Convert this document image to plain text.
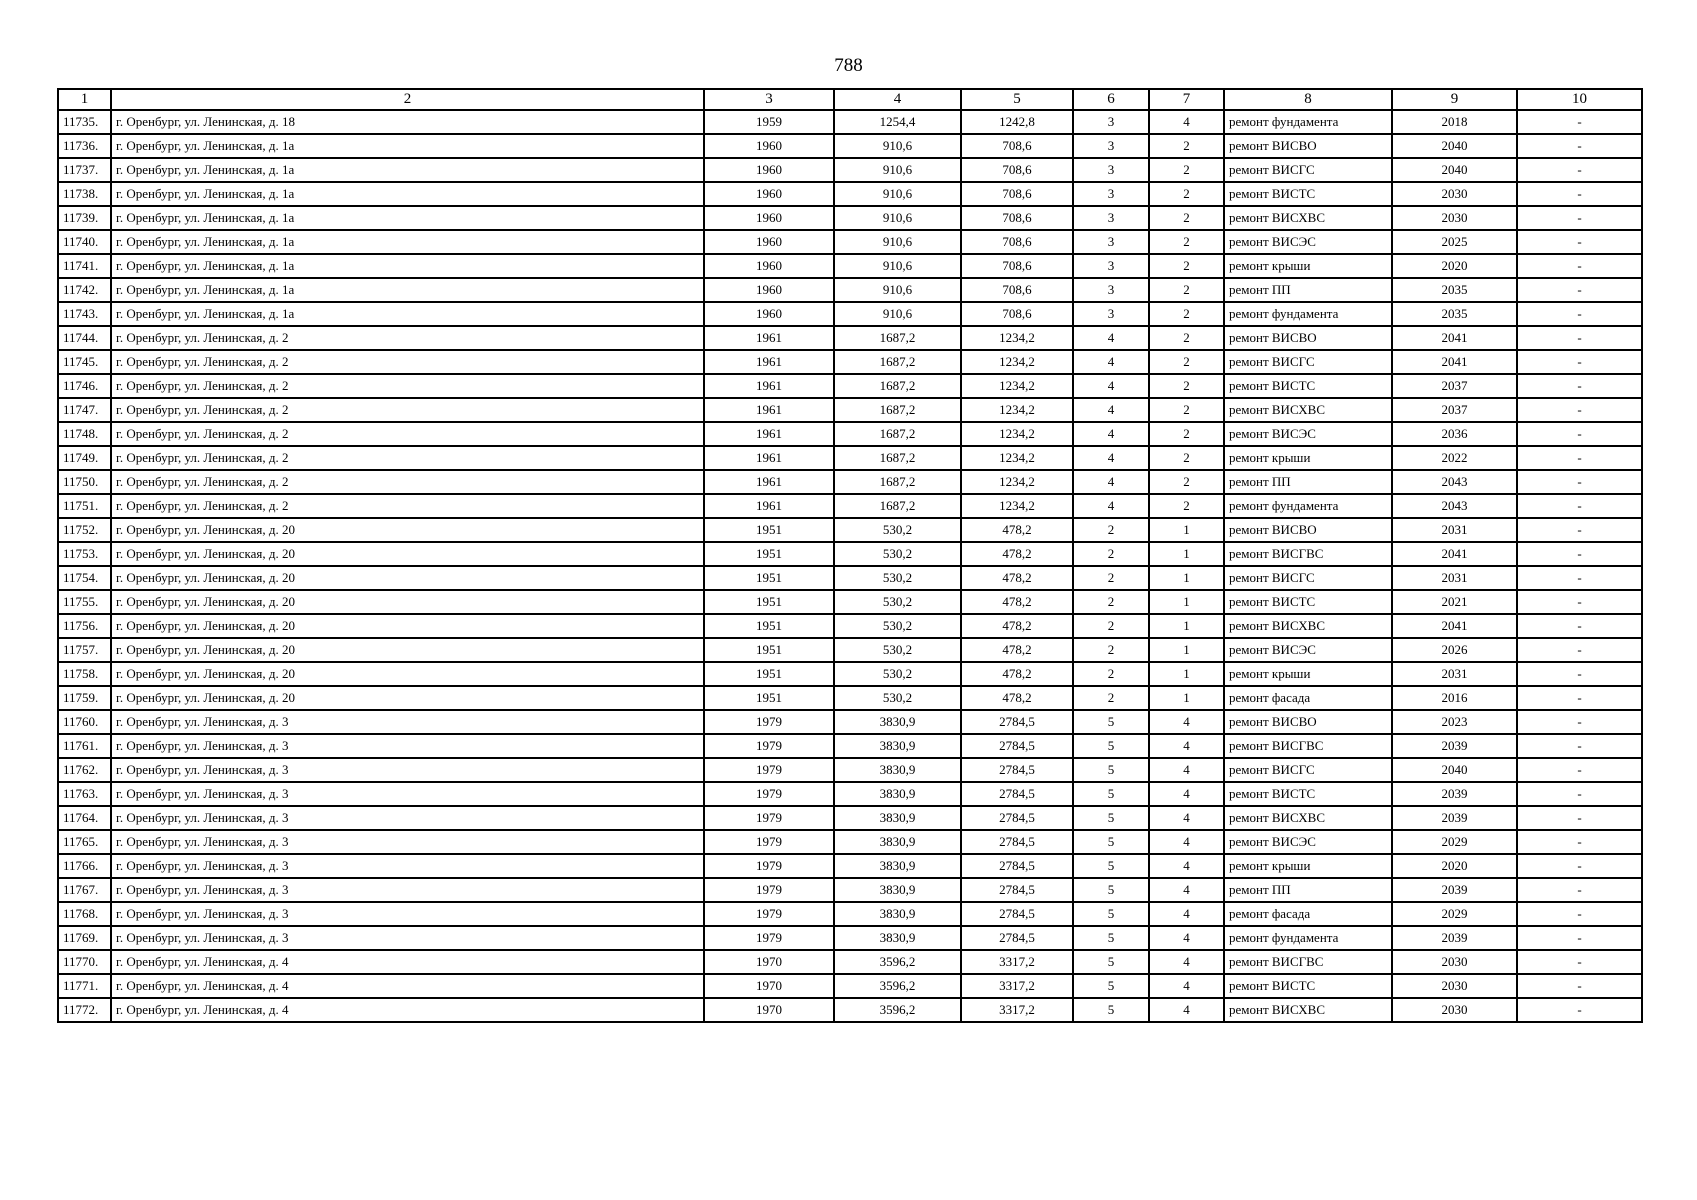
788
1	2	3	4	5	6	7	8	9	10
11735.	г. Оренбург, ул. Ленинская, д. 18	1959	1254,4	1242,8	3	4	ремонт фундамента	2018	-
11736.	г. Оренбург, ул. Ленинская, д. 1а	1960	910,6	708,6	3	2	ремонт ВИСВО	2040	-
11737.	г. Оренбург, ул. Ленинская, д. 1а	1960	910,6	708,6	3	2	ремонт ВИСГС	2040	-
11738.	г. Оренбург, ул. Ленинская, д. 1а	1960	910,6	708,6	3	2	ремонт ВИСТС	2030	-
11739.	г. Оренбург, ул. Ленинская, д. 1а	1960	910,6	708,6	3	2	ремонт ВИСХВС	2030	-
11740.	г. Оренбург, ул. Ленинская, д. 1а	1960	910,6	708,6	3	2	ремонт ВИСЭС	2025	-
11741.	г. Оренбург, ул. Ленинская, д. 1а	1960	910,6	708,6	3	2	ремонт крыши	2020	-
11742.	г. Оренбург, ул. Ленинская, д. 1а	1960	910,6	708,6	3	2	ремонт ПП	2035	-
11743.	г. Оренбург, ул. Ленинская, д. 1а	1960	910,6	708,6	3	2	ремонт фундамента	2035	-
11744.	г. Оренбург, ул. Ленинская, д. 2	1961	1687,2	1234,2	4	2	ремонт ВИСВО	2041	-
11745.	г. Оренбург, ул. Ленинская, д. 2	1961	1687,2	1234,2	4	2	ремонт ВИСГС	2041	-
11746.	г. Оренбург, ул. Ленинская, д. 2	1961	1687,2	1234,2	4	2	ремонт ВИСТС	2037	-
11747.	г. Оренбург, ул. Ленинская, д. 2	1961	1687,2	1234,2	4	2	ремонт ВИСХВС	2037	-
11748.	г. Оренбург, ул. Ленинская, д. 2	1961	1687,2	1234,2	4	2	ремонт ВИСЭС	2036	-
11749.	г. Оренбург, ул. Ленинская, д. 2	1961	1687,2	1234,2	4	2	ремонт крыши	2022	-
11750.	г. Оренбург, ул. Ленинская, д. 2	1961	1687,2	1234,2	4	2	ремонт ПП	2043	-
11751.	г. Оренбург, ул. Ленинская, д. 2	1961	1687,2	1234,2	4	2	ремонт фундамента	2043	-
11752.	г. Оренбург, ул. Ленинская, д. 20	1951	530,2	478,2	2	1	ремонт ВИСВО	2031	-
11753.	г. Оренбург, ул. Ленинская, д. 20	1951	530,2	478,2	2	1	ремонт ВИСГВС	2041	-
11754.	г. Оренбург, ул. Ленинская, д. 20	1951	530,2	478,2	2	1	ремонт ВИСГС	2031	-
11755.	г. Оренбург, ул. Ленинская, д. 20	1951	530,2	478,2	2	1	ремонт ВИСТС	2021	-
11756.	г. Оренбург, ул. Ленинская, д. 20	1951	530,2	478,2	2	1	ремонт ВИСХВС	2041	-
11757.	г. Оренбург, ул. Ленинская, д. 20	1951	530,2	478,2	2	1	ремонт ВИСЭС	2026	-
11758.	г. Оренбург, ул. Ленинская, д. 20	1951	530,2	478,2	2	1	ремонт крыши	2031	-
11759.	г. Оренбург, ул. Ленинская, д. 20	1951	530,2	478,2	2	1	ремонт фасада	2016	-
11760.	г. Оренбург, ул. Ленинская, д. 3	1979	3830,9	2784,5	5	4	ремонт ВИСВО	2023	-
11761.	г. Оренбург, ул. Ленинская, д. 3	1979	3830,9	2784,5	5	4	ремонт ВИСГВС	2039	-
11762.	г. Оренбург, ул. Ленинская, д. 3	1979	3830,9	2784,5	5	4	ремонт ВИСГС	2040	-
11763.	г. Оренбург, ул. Ленинская, д. 3	1979	3830,9	2784,5	5	4	ремонт ВИСТС	2039	-
11764.	г. Оренбург, ул. Ленинская, д. 3	1979	3830,9	2784,5	5	4	ремонт ВИСХВС	2039	-
11765.	г. Оренбург, ул. Ленинская, д. 3	1979	3830,9	2784,5	5	4	ремонт ВИСЭС	2029	-
11766.	г. Оренбург, ул. Ленинская, д. 3	1979	3830,9	2784,5	5	4	ремонт крыши	2020	-
11767.	г. Оренбург, ул. Ленинская, д. 3	1979	3830,9	2784,5	5	4	ремонт ПП	2039	-
11768.	г. Оренбург, ул. Ленинская, д. 3	1979	3830,9	2784,5	5	4	ремонт фасада	2029	-
11769.	г. Оренбург, ул. Ленинская, д. 3	1979	3830,9	2784,5	5	4	ремонт фундамента	2039	-
11770.	г. Оренбург, ул. Ленинская, д. 4	1970	3596,2	3317,2	5	4	ремонт ВИСГВС	2030	-
11771.	г. Оренбург, ул. Ленинская, д. 4	1970	3596,2	3317,2	5	4	ремонт ВИСТС	2030	-
11772.	г. Оренбург, ул. Ленинская, д. 4	1970	3596,2	3317,2	5	4	ремонт ВИСХВС	2030	-
